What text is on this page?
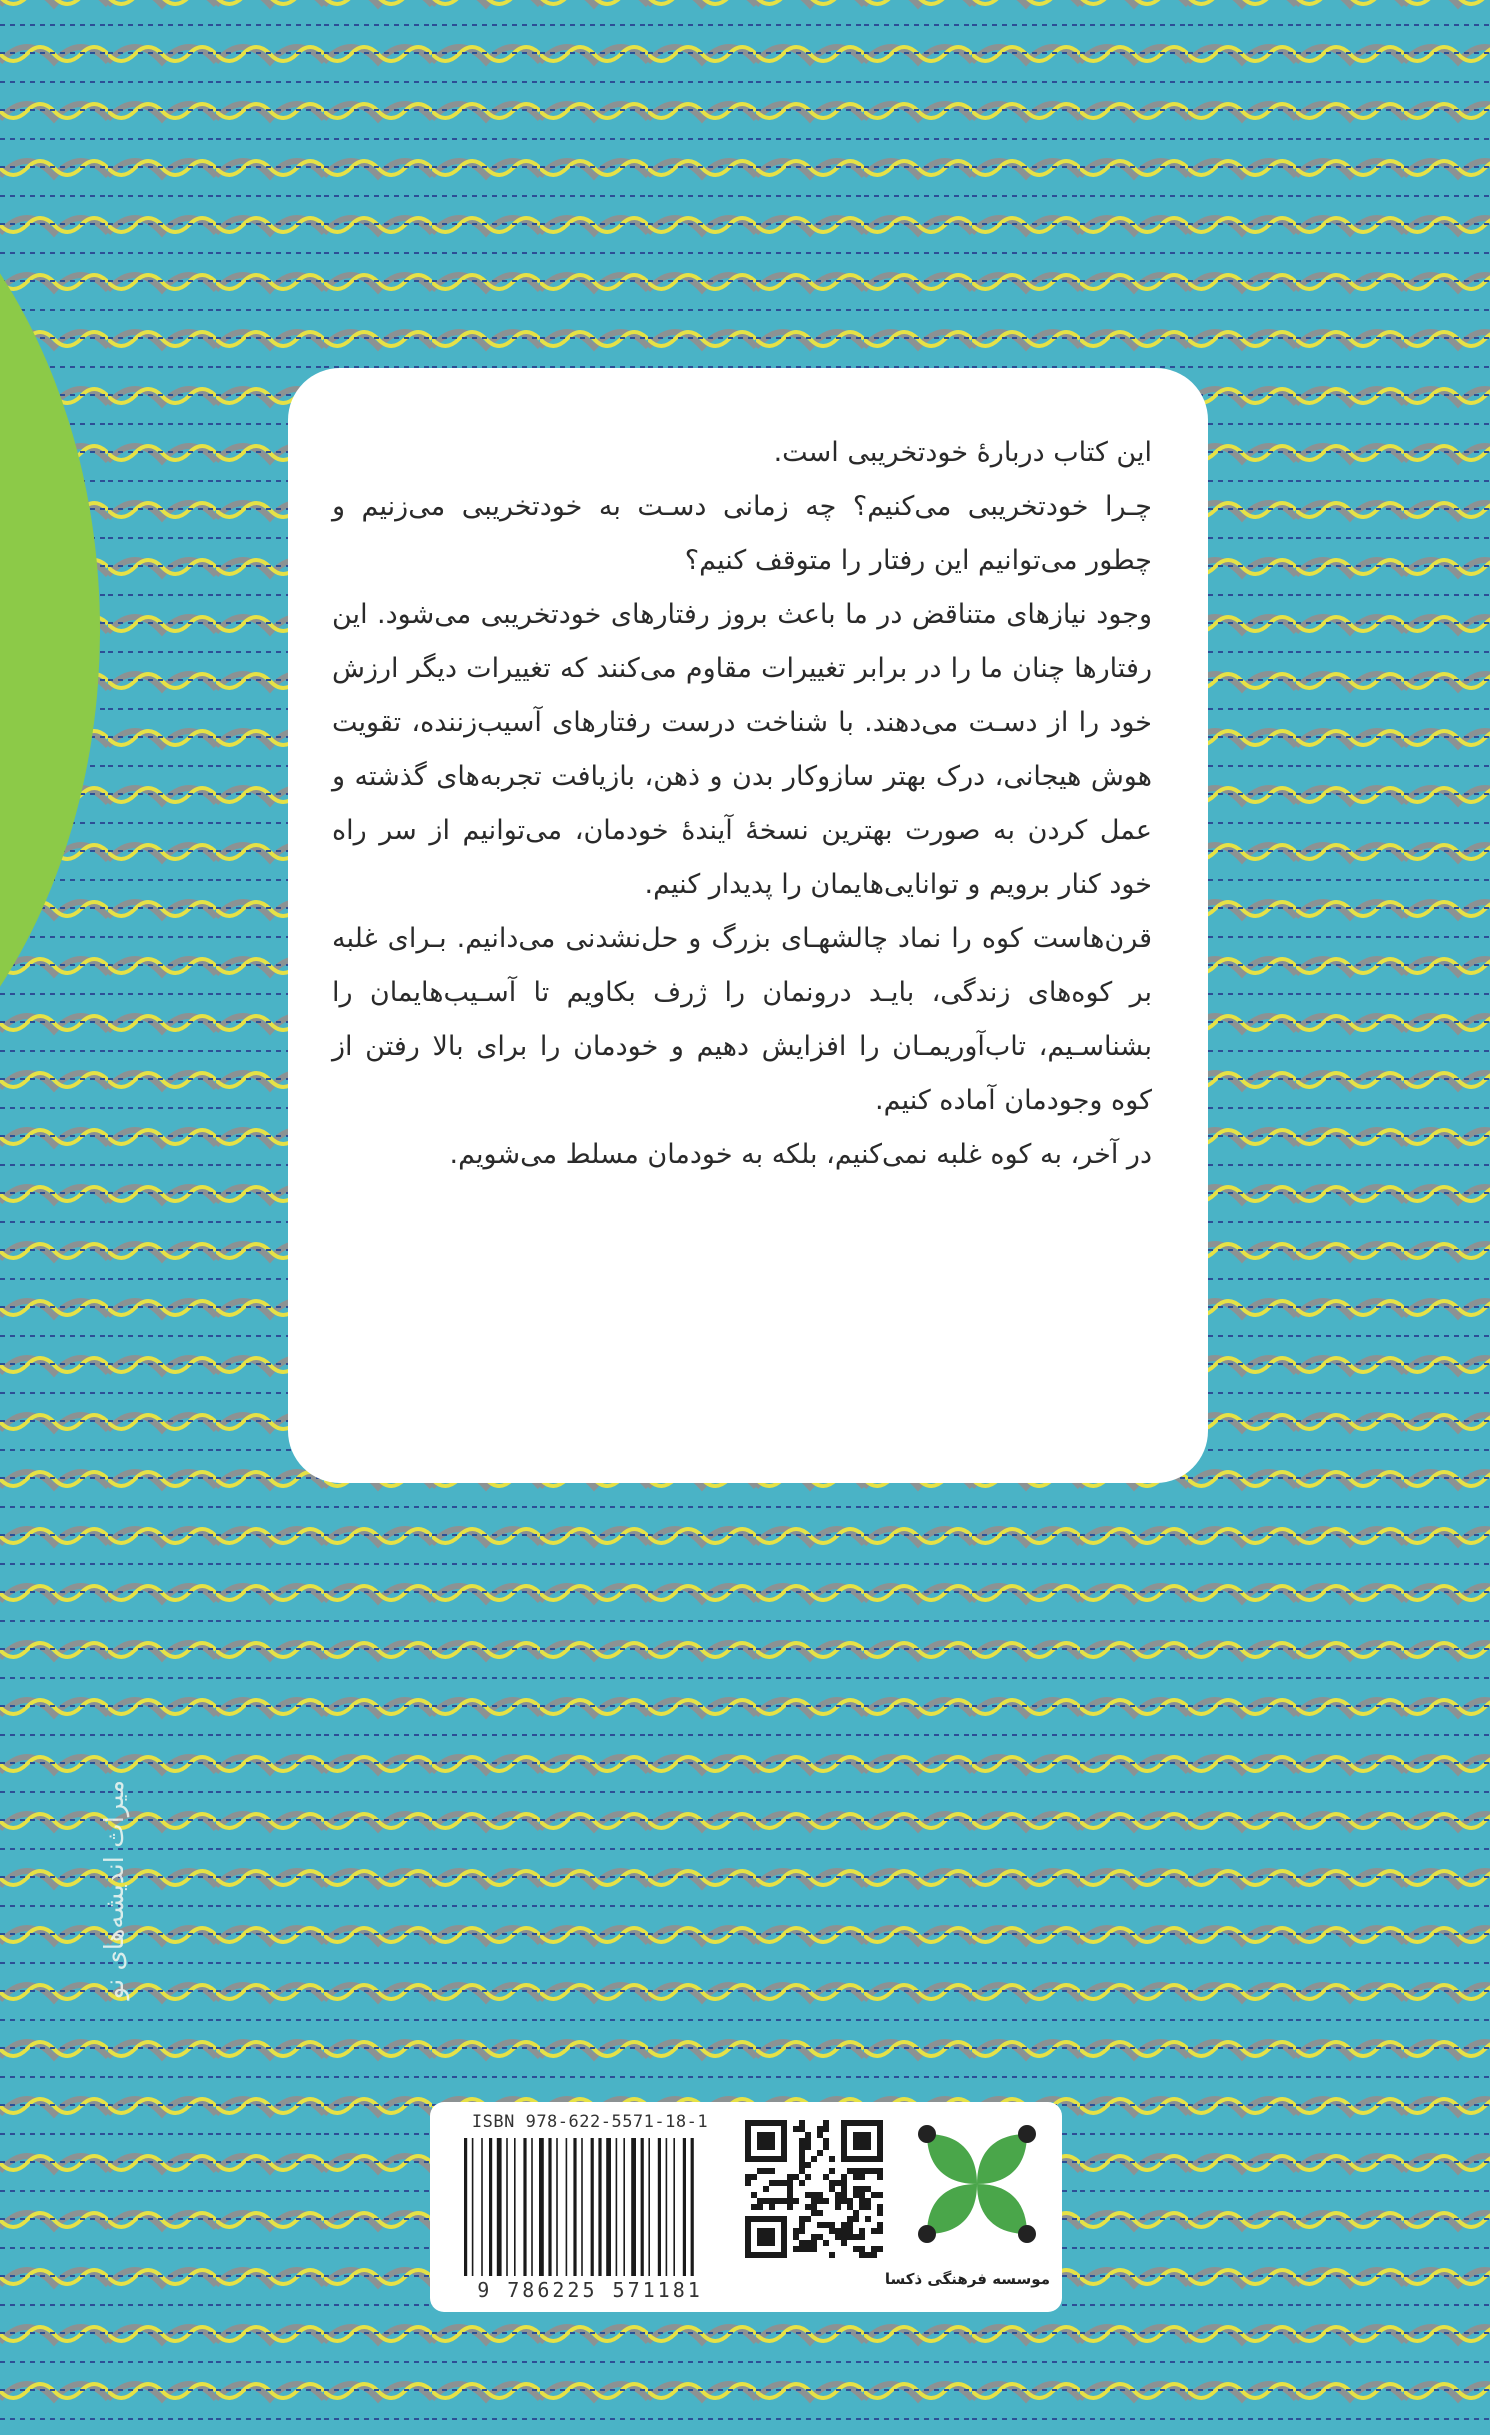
این کتاب دربارهٔ خودتخریبی است.

چـرا خودتخریبی می‌کنیم؟ چه زمانی دسـت به خودتخریبی می‌زنیم و چطور می‌توانیم این رفتار را متوقف کنیم؟

وجود نیازهای متناقض در ما باعث بروز رفتارهای خودتخریبی می‌شود. این رفتارها چنان ما را در برابر تغییرات مقاوم می‌کنند که تغییرات دیگر ارزش خود را از دسـت می‌دهند. با شناخت درست رفتارهای آسیب‌زننده، تقویت هوش هیجانی، درک بهتر سازوکار بدن و ذهن، بازیافت تجربه‌های گذشته و عمل کردن به صورت بهترین نسخهٔ آیندهٔ خودمان، می‌توانیم از سر راه خود کنار برویم و توانایی‌هایمان را پدیدار کنیم.

قرن‌هاست کوه را نماد چالشهـای بزرگ و حل‌نشدنی می‌دانیم. بـرای غلبه بر کوه‌های زندگی، بایـد درونمان را ژرف بکاویم تا آسـیب‌هایمان را بشناسـیم، تاب‌آوریمـان را افزایش دهیم و خودمان را برای بالا رفتن از کوه وجودمان آماده کنیم.

در آخر، به کوه غلبه نمی‌کنیم، بلکه به خودمان مسلط می‌شویم.

میراث اندیشه‌های نو
ISBN 978-622-5571-18-1
9 786225 571181	موسسه فرهنگی ذکسا
